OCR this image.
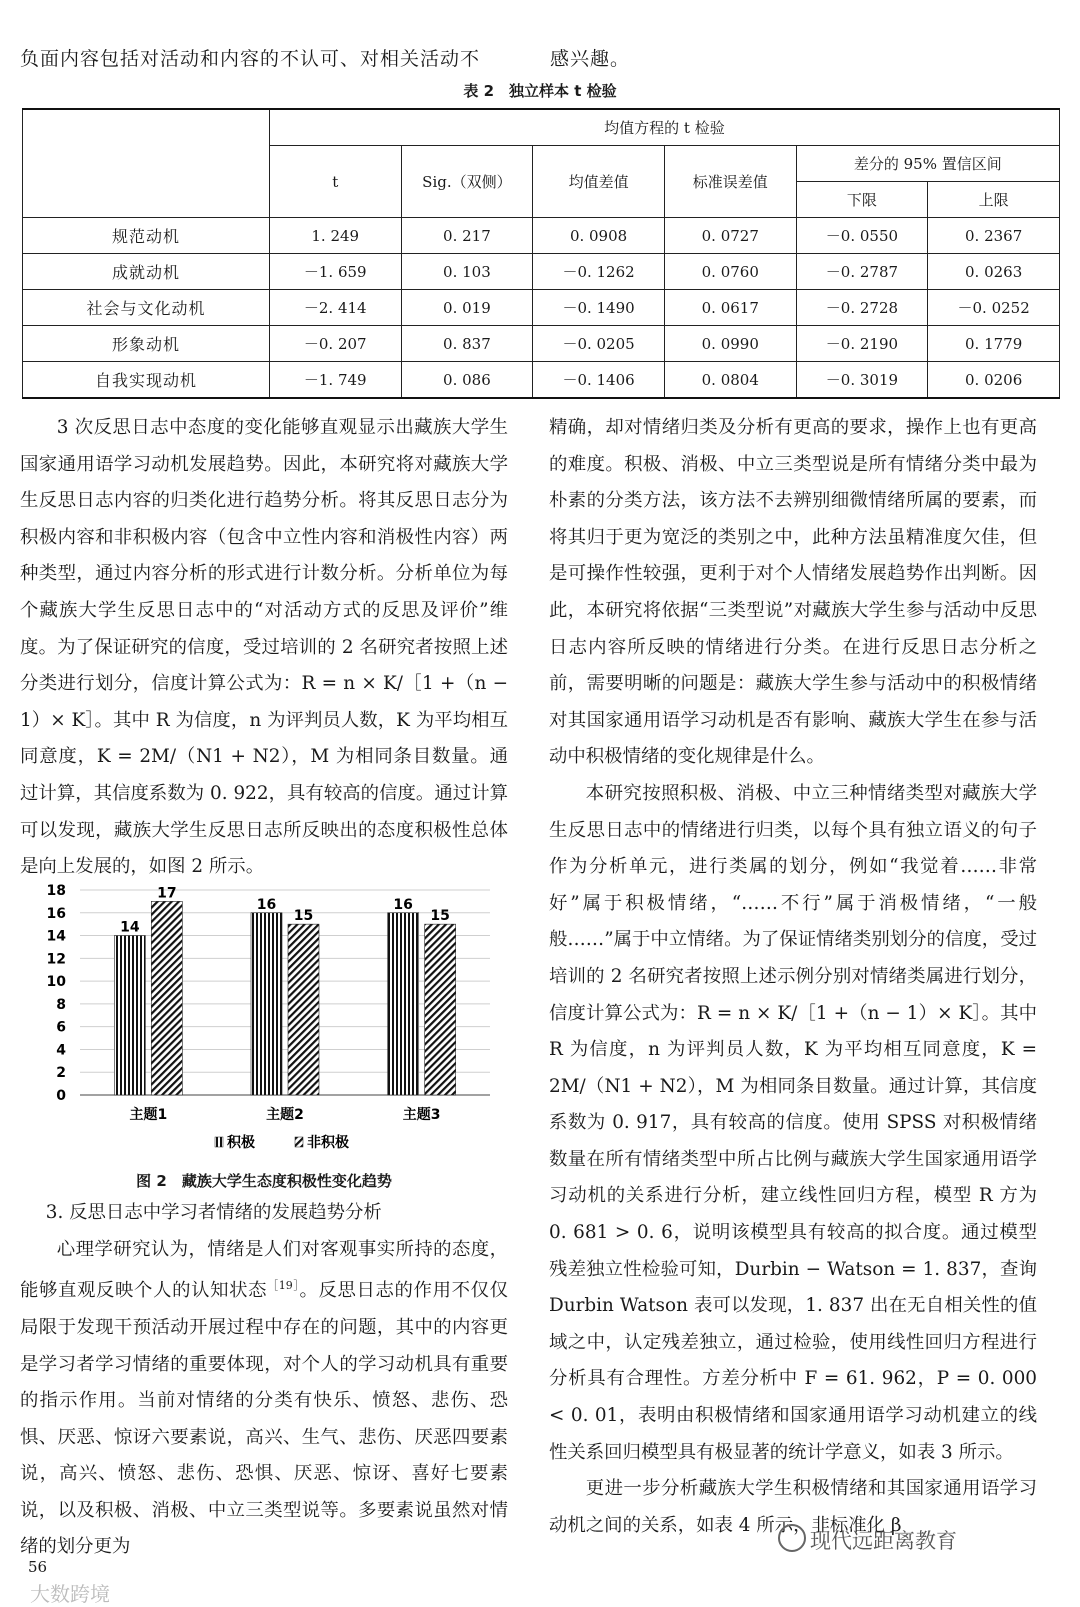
负面内容包括对活动和内容的不认可、对相关活动不	感兴趣。
表 2　独立样本 t 检验
	均值方程的 t 检验					
	t	Sig.（双侧）	均值差值	标准误差值	差分的 95% 置信区间	
					下限	上限
规范动机	1. 249	0. 217	0. 0908	0. 0727	－0. 0550	0. 2367
成就动机	－1. 659	0. 103	－0. 1262	0. 0760	－0. 2787	0. 0263
社会与文化动机	－2. 414	0. 019	－0. 1490	0. 0617	－0. 2728	－0. 0252
形象动机	－0. 207	0. 837	－0. 0205	0. 0990	－0. 2190	0. 1779
自我实现动机	－1. 749	0. 086	－0. 1406	0. 0804	－0. 3019	0. 0206

3 次反思日志中态度的变化能够直观显示出藏族大学生国家通用语学习动机发展趋势。因此，本研究将对藏族大学生反思日志内容的归类化进行趋势分析。将其反思日志分为积极内容和非积极内容（包含中立性内容和消极性内容）两种类型，通过内容分析的形式进行计数分析。分析单位为每个藏族大学生反思日志中的“对活动方式的反思及评价”维度。为了保证研究的信度，受过培训的 2 名研究者按照上述分类进行划分，信度计算公式为：R = n × K/［1 +（n − 1）× K］。其中 R 为信度，n 为评判员人数，K 为平均相互同意度，K = 2M/（N1 + N2），M 为相同条目数量。通过计算，其信度系数为 0. 922，具有较高的信度。通过计算可以发现，藏族大学生反思日志所反映出的态度积极性总体是向上发展的，如图 2 所示。

0
2
4
6
8
10
12
14
16
18
14
17
16
15
16
15
主题1	主题2	主题3
积极	非积极
图 2　藏族大学生态度积极性变化趋势

3. 反思日志中学习者情绪的发展趋势分析

心理学研究认为，情绪是人们对客观事实所持的态度，能够直观反映个人的认知状态$^{[19]}$。反思日志的作用不仅仅局限于发现干预活动开展过程中存在的问题，其中的内容更是学习者学习情绪的重要体现，对个人的学习动机具有重要的指示作用。当前对情绪的分类有快乐、愤怒、悲伤、恐惧、厌恶、惊讶六要素说，高兴、生气、悲伤、厌恶四要素说，高兴、愤怒、悲伤、恐惧、厌恶、惊讶、喜好七要素说，以及积极、消极、中立三类型说等。多要素说虽然对情绪的划分更为

精确，却对情绪归类及分析有更高的要求，操作上也有更高的难度。积极、消极、中立三类型说是所有情绪分类中最为朴素的分类方法，该方法不去辨别细微情绪所属的要素，而将其归于更为宽泛的类别之中，此种方法虽精准度欠佳，但是可操作性较强，更利于对个人情绪发展趋势作出判断。因此，本研究将依据“三类型说”对藏族大学生参与活动中反思日志内容所反映的情绪进行分类。在进行反思日志分析之前，需要明晰的问题是：藏族大学生参与活动中的积极情绪对其国家通用语学习动机是否有影响、藏族大学生在参与活动中积极情绪的变化规律是什么。

本研究按照积极、消极、中立三种情绪类型对藏族大学生反思日志中的情绪进行归类，以每个具有独立语义的句子作为分析单元，进行类属的划分，例如“我觉着……非常好”属于积极情绪，“……不行”属于消极情绪，“一般般……”属于中立情绪。为了保证情绪类别划分的信度，受过培训的 2 名研究者按照上述示例分别对情绪类属进行划分，信度计算公式为：R = n × K/［1 +（n − 1）× K］。其中 R 为信度，n 为评判员人数，K 为平均相互同意度，K = 2M/（N1 + N2），M 为相同条目数量。通过计算，其信度系数为 0. 917，具有较高的信度。使用 SPSS 对积极情绪数量在所有情绪类型中所占比例与藏族大学生国家通用语学习动机的关系进行分析，建立线性回归方程，模型 R 方为 0. 681 > 0. 6，说明该模型具有较高的拟合度。通过模型残差独立性检验可知，Durbin − Watson = 1. 837，查询 Durbin Watson 表可以发现，1. 837 出在无自相关性的值域之中，认定残差独立，通过检验，使用线性回归方程进行分析具有合理性。方差分析中 F = 61. 962，P = 0. 000 < 0. 01，表明由积极情绪和国家通用语学习动机建立的线性关系回归模型具有极显著的统计学意义，如表 3 所示。

更进一步分析藏族大学生积极情绪和其国家通用语学习动机之间的关系，如表 4 所示，非标准化 β

56
大数跨境
现代远距离教育
